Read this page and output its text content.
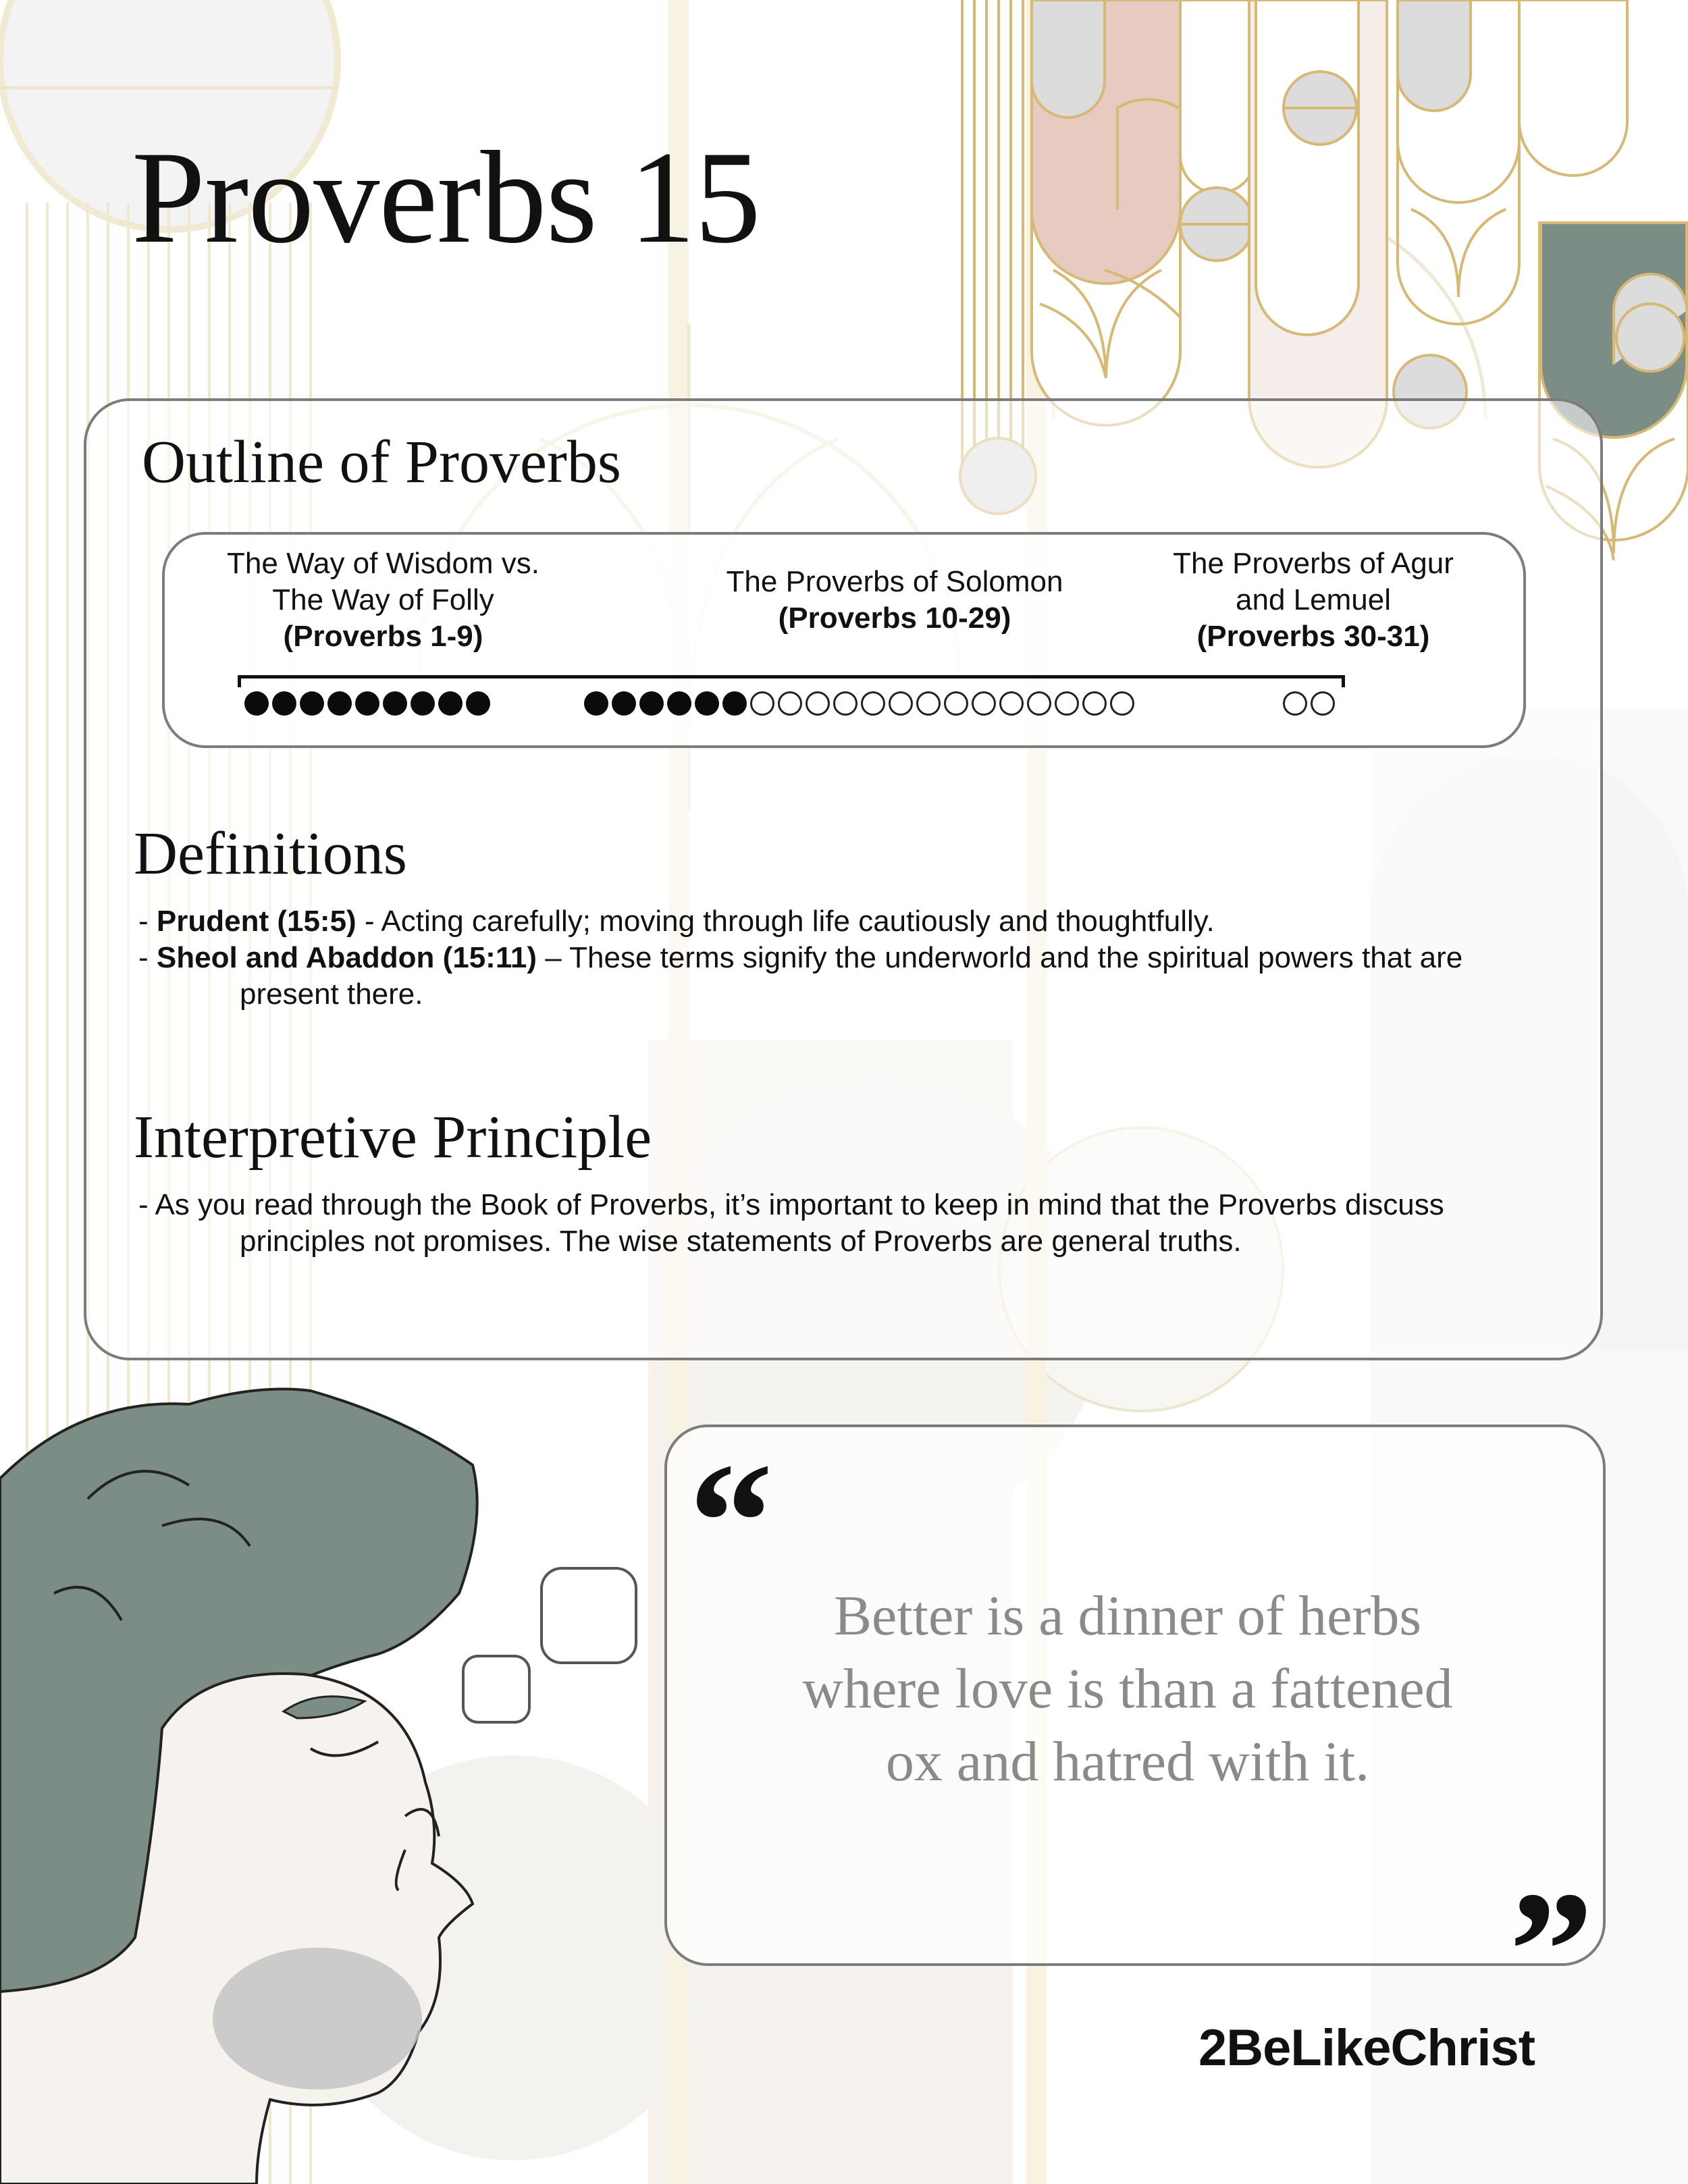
Proverbs 15
Outline of Proverbs
The Way of Wisdom vs.
The Way of Folly
(Proverbs 1-9)
The Proverbs of Solomon
(Proverbs 10-29)
The Proverbs of Agur
and Lemuel
(Proverbs 30-31)
Definitions
- Prudent (15:5) - Acting carefully; moving through life cautiously and thoughtfully.
- Sheol and Abaddon (15:11) – These terms signify the underworld and the spiritual powers that are
present there.
Interpretive Principle
- As you read through the Book of Proverbs, it’s important to keep in mind that the Proverbs discuss
principles not promises. The wise statements of Proverbs are general truths.
“
Better is a dinner of herbs
where love is than a fattened
ox and hatred with it.
”
2BeLikeChrist
